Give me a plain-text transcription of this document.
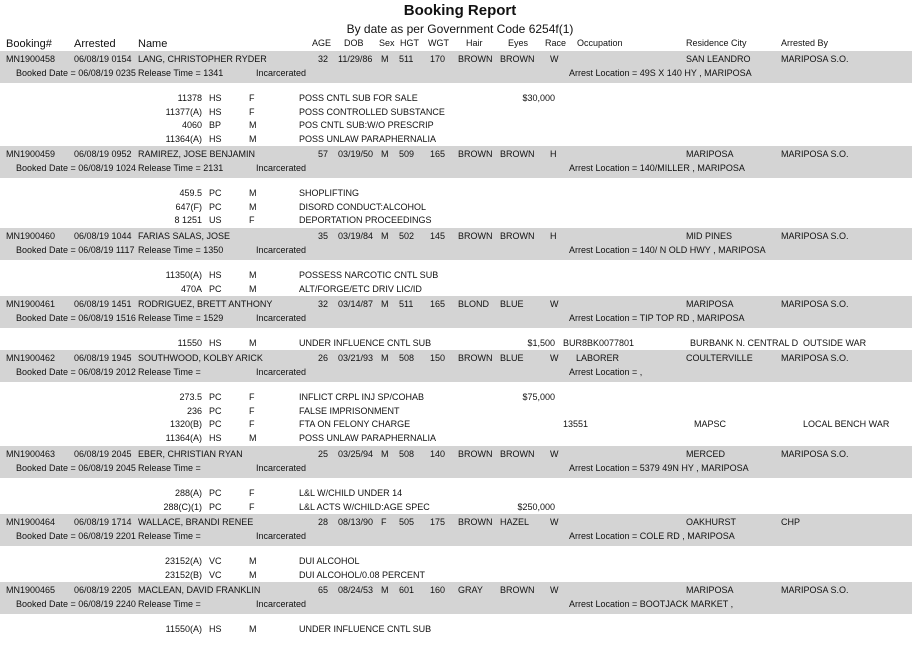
Booking Report
By date as per Government Code 6254f(1)
Booking# Arrested Name	AGE DOB Sex HGT WGT Hair	Eyes Race Occupation	Residence City	Arrested By
MN1900458 06/08/19 0154 LANG, CHRISTOPHER RYDER	32 11/29/86 M 511 170 BROWN BROWN W	SAN LEANDRO	MARIPOSA S.O.
Booked Date = 06/08/19 0235 Release Time = 1341	Incarcerated	Arrest Location = 49S X 140 HY , MARIPOSA
11378 HS	F	POSS CNTL SUB FOR SALE	$30,000
11377(A) HS	F	POSS CONTROLLED SUBSTANCE
4060 BP	M	POS CNTL SUB:W/O PRESCRIP
11364(A) HS	M	POSS UNLAW PARAPHERNALIA
MN1900459 06/08/19 0952 RAMIREZ, JOSE BENJAMIN	57 03/19/50 M 509 165 BROWN BROWN H	MARIPOSA	MARIPOSA S.O.
Booked Date = 06/08/19 1024 Release Time = 2131	Incarcerated	Arrest Location = 140/MILLER , MARIPOSA
459.5 PC	M	SHOPLIFTING
647(F) PC	M	DISORD CONDUCT:ALCOHOL
8 1251 US	F	DEPORTATION PROCEEDINGS
MN1900460 06/08/19 1044 FARIAS SALAS, JOSE	35 03/19/84 M 502 145 BROWN BROWN H	MID PINES	MARIPOSA S.O.
Booked Date = 06/08/19 1117 Release Time = 1350	Incarcerated	Arrest Location = 140/ N OLD HWY , MARIPOSA
11350(A) HS	M	POSSESS NARCOTIC CNTL SUB
470A PC	M	ALT/FORGE/ETC DRIV LIC/ID
MN1900461 06/08/19 1451 RODRIGUEZ, BRETT ANTHONY	32 03/14/87 M 511 165 BLOND BLUE	W	MARIPOSA	MARIPOSA S.O.
Booked Date = 06/08/19 1516 Release Time = 1529	Incarcerated	Arrest Location = TIP TOP RD , MARIPOSA
11550 HS	M	UNDER INFLUENCE CNTL SUB	$1,500 BUR8BK0077801	BURBANK N. CENTRAL D OUTSIDE WAR
MN1900462 06/08/19 1945 SOUTHWOOD, KOLBY ARICK	26 03/21/93 M 508 150 BROWN BLUE	W LABORER	COULTERVILLE	MARIPOSA S.O.
Booked Date = 06/08/19 2012 Release Time =	Incarcerated	Arrest Location = ,
273.5 PC	F	INFLICT CRPL INJ SP/COHAB	$75,000
236 PC	F	FALSE IMPRISONMENT
1320(B) PC	F	FTA ON FELONY CHARGE	13551	MAPSC	LOCAL BENCH WAR
11364(A) HS	M	POSS UNLAW PARAPHERNALIA
MN1900463 06/08/19 2045 EBER, CHRISTIAN RYAN	25 03/25/94 M 508 140 BROWN BROWN W	MERCED	MARIPOSA S.O.
Booked Date = 06/08/19 2045 Release Time =	Incarcerated	Arrest Location = 5379 49N HY , MARIPOSA
288(A) PC	F	L&L W/CHILD UNDER 14
288(C)(1) PC	F	L&L ACTS W/CHILD:AGE SPEC	$250,000
MN1900464 06/08/19 1714 WALLACE, BRANDI RENEE	28 08/13/90 F 505 175 BROWN HAZEL W	OAKHURST	CHP
Booked Date = 06/08/19 2201 Release Time =	Incarcerated	Arrest Location = COLE RD , MARIPOSA
23152(A) VC	M	DUI ALCOHOL
23152(B) VC	M	DUI ALCOHOL/0.08 PERCENT
MN1900465 06/08/19 2205 MACLEAN, DAVID FRANKLIN	65 08/24/53 M 601 160 GRAY BROWN W	MARIPOSA	MARIPOSA S.O.
Booked Date = 06/08/19 2240 Release Time =	Incarcerated	Arrest Location = BOOTJACK MARKET ,
11550(A) HS	M	UNDER INFLUENCE CNTL SUB
